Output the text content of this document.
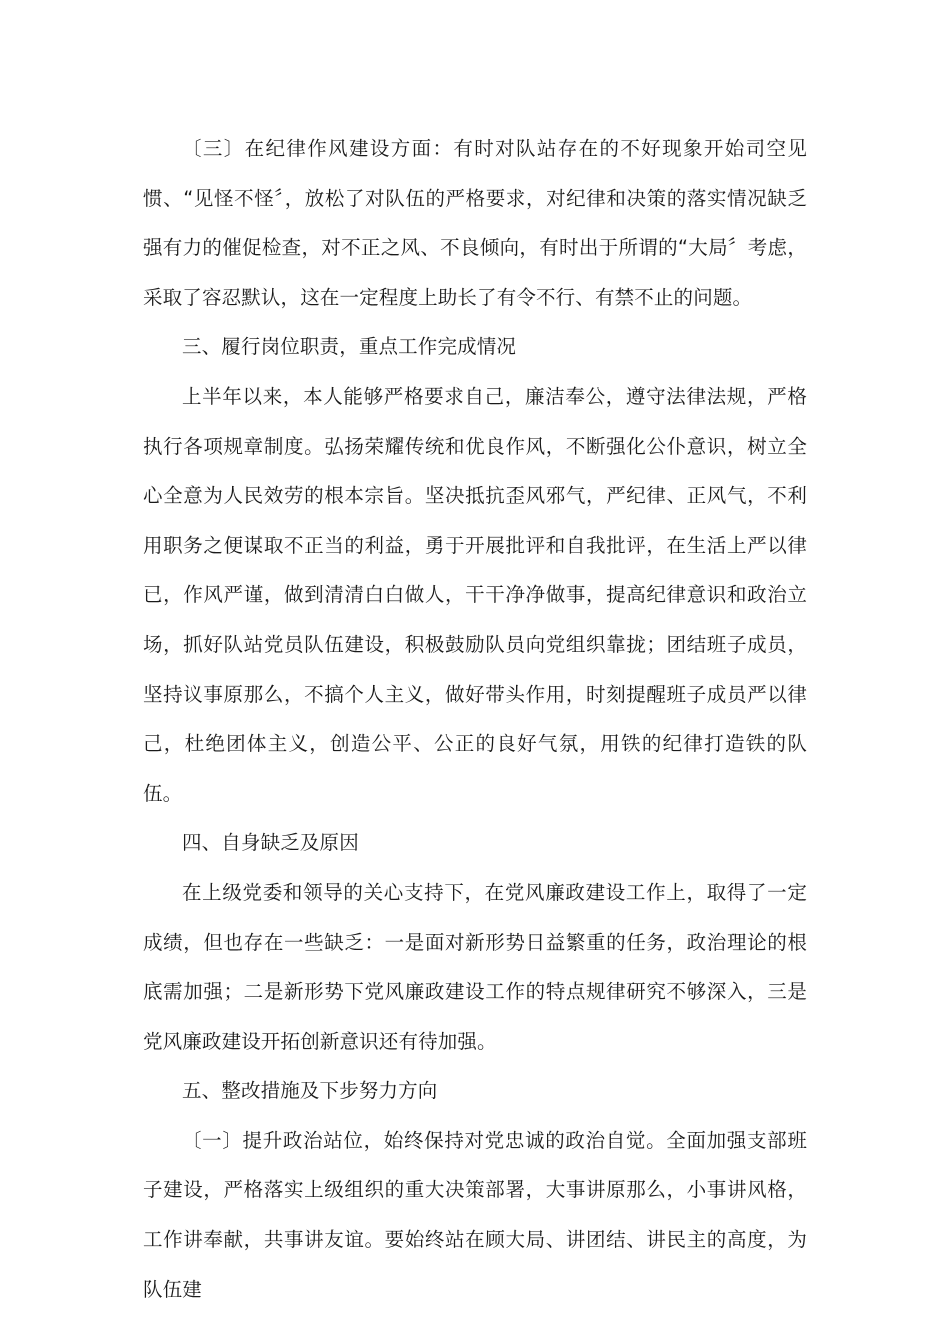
〔三〕在纪律作风建设方面：有时对队站存在的不好现象开始司空见惯、“见怪不怪〞，放松了对队伍的严格要求，对纪律和决策的落实情况缺乏强有力的催促检查，对不正之风、不良倾向，有时出于所谓的“大局〞考虑，采取了容忍默认，这在一定程度上助长了有令不行、有禁不止的问题。

三、履行岗位职责，重点工作完成情况

上半年以来，本人能够严格要求自己，廉洁奉公，遵守法律法规，严格执行各项规章制度。弘扬荣耀传统和优良作风，不断强化公仆意识，树立全心全意为人民效劳的根本宗旨。坚决抵抗歪风邪气，严纪律、正风气，不利用职务之便谋取不正当的利益，勇于开展批评和自我批评，在生活上严以律已，作风严谨，做到清清白白做人，干干净净做事，提高纪律意识和政治立场，抓好队站党员队伍建设，积极鼓励队员向党组织靠拢；团结班子成员，坚持议事原那么，不搞个人主义，做好带头作用，时刻提醒班子成员严以律己，杜绝团体主义，创造公平、公正的良好气氛，用铁的纪律打造铁的队伍。

四、自身缺乏及原因

在上级党委和领导的关心支持下，在党风廉政建设工作上，取得了一定成绩，但也存在一些缺乏：一是面对新形势日益繁重的任务，政治理论的根底需加强；二是新形势下党风廉政建设工作的特点规律研究不够深入，三是党风廉政建设开拓创新意识还有待加强。

五、整改措施及下步努力方向

〔一〕提升政治站位，始终保持对党忠诚的政治自觉。全面加强支部班子建设，严格落实上级组织的重大决策部署，大事讲原那么，小事讲风格，工作讲奉献，共事讲友谊。要始终站在顾大局、讲团结、讲民主的高度，为队伍建
